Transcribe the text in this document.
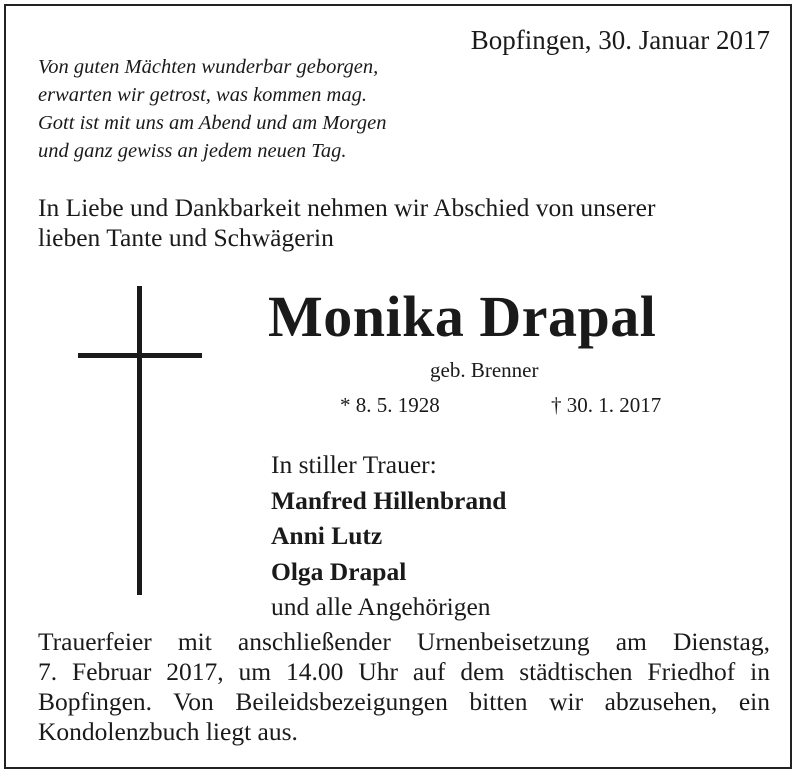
Bopfingen, 30. Januar 2017
Von guten Mächten wunderbar geborgen,
erwarten wir getrost, was kommen mag.
Gott ist mit uns am Abend und am Morgen
und ganz gewiss an jedem neuen Tag.
In Liebe und Dankbarkeit nehmen wir Abschied von unserer
lieben Tante und Schwägerin
Monika Drapal
geb. Brenner
* 8. 5. 1928	† 30. 1. 2017
In stiller Trauer:
Manfred Hillenbrand
Anni Lutz
Olga Drapal
und alle Angehörigen
Trauerfeier mit anschließender Urnenbeisetzung am Dienstag,
7. Februar 2017, um 14.00 Uhr auf dem städtischen Friedhof in
Bopfingen. Von Beileidsbezeigungen bitten wir abzusehen, ein
Kondolenzbuch liegt aus.
